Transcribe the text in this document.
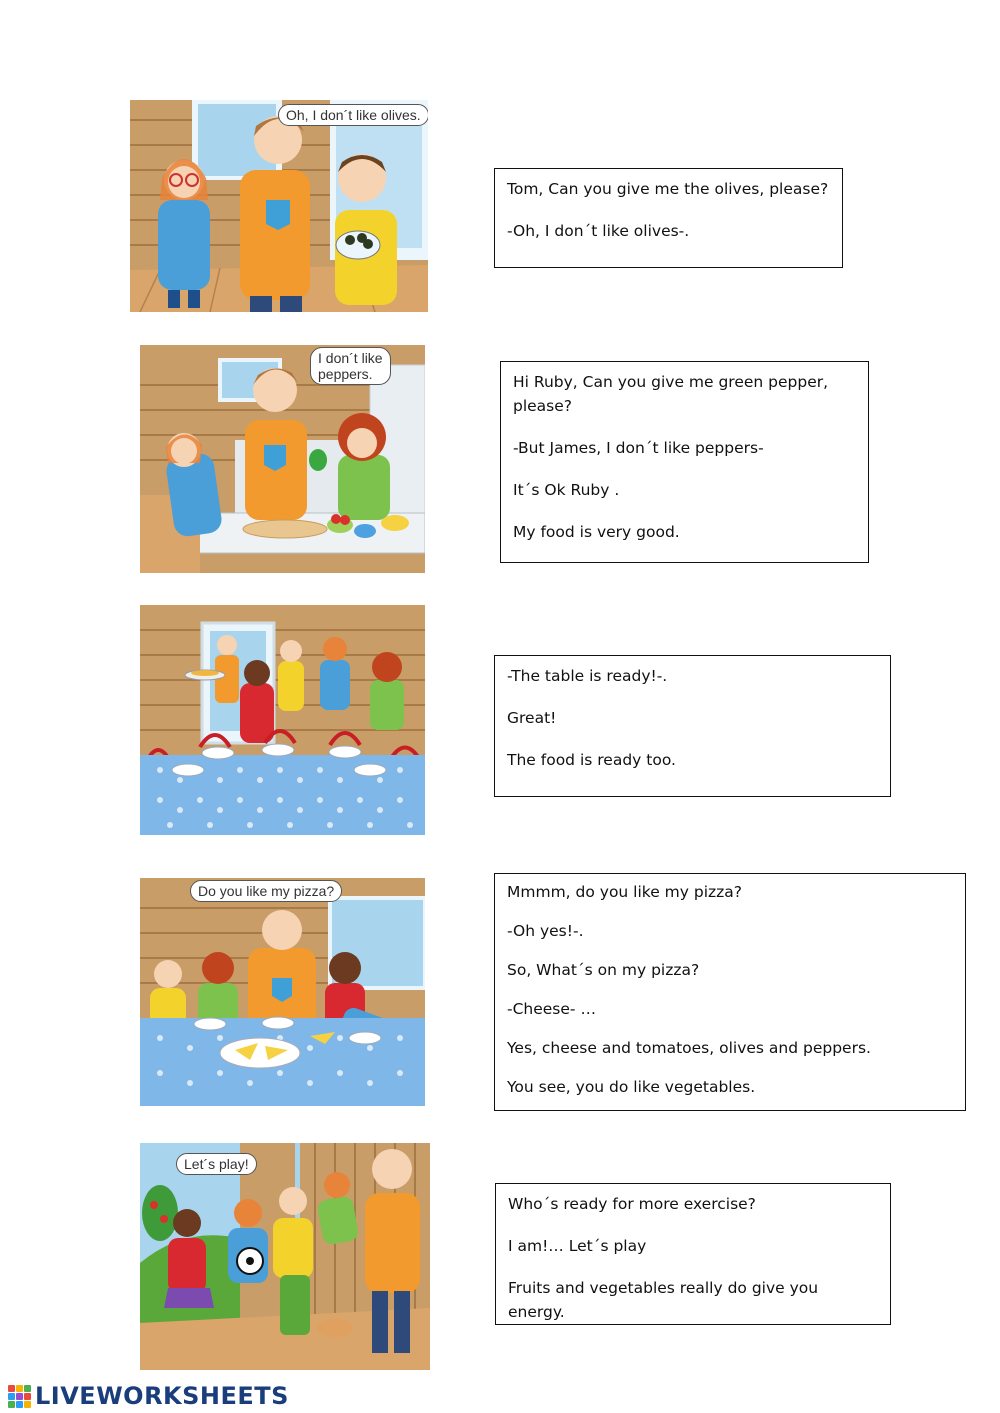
Oh, I don´t like olives.

Tom, Can you give me the olives, please?

-Oh, I don´t like olives-.

I don´t like
peppers.	Hi Ruby, Can you give me green pepper, please?

-But James, I don´t like peppers-

It´s Ok Ruby .

My food is very good.

-The table is ready!-.

Great!

The food is ready too.

Do you like my pizza?	Mmmm, do you like my pizza?

-Oh yes!-.

So, What´s on my pizza?

-Cheese- …

Yes, cheese and tomatoes, olives and peppers.

You see, you do like vegetables.

Let´s play!

Who´s ready for more exercise?

I am!… Let´s play

Fruits and vegetables really do give you energy.

LIVEWORKSHEETS
